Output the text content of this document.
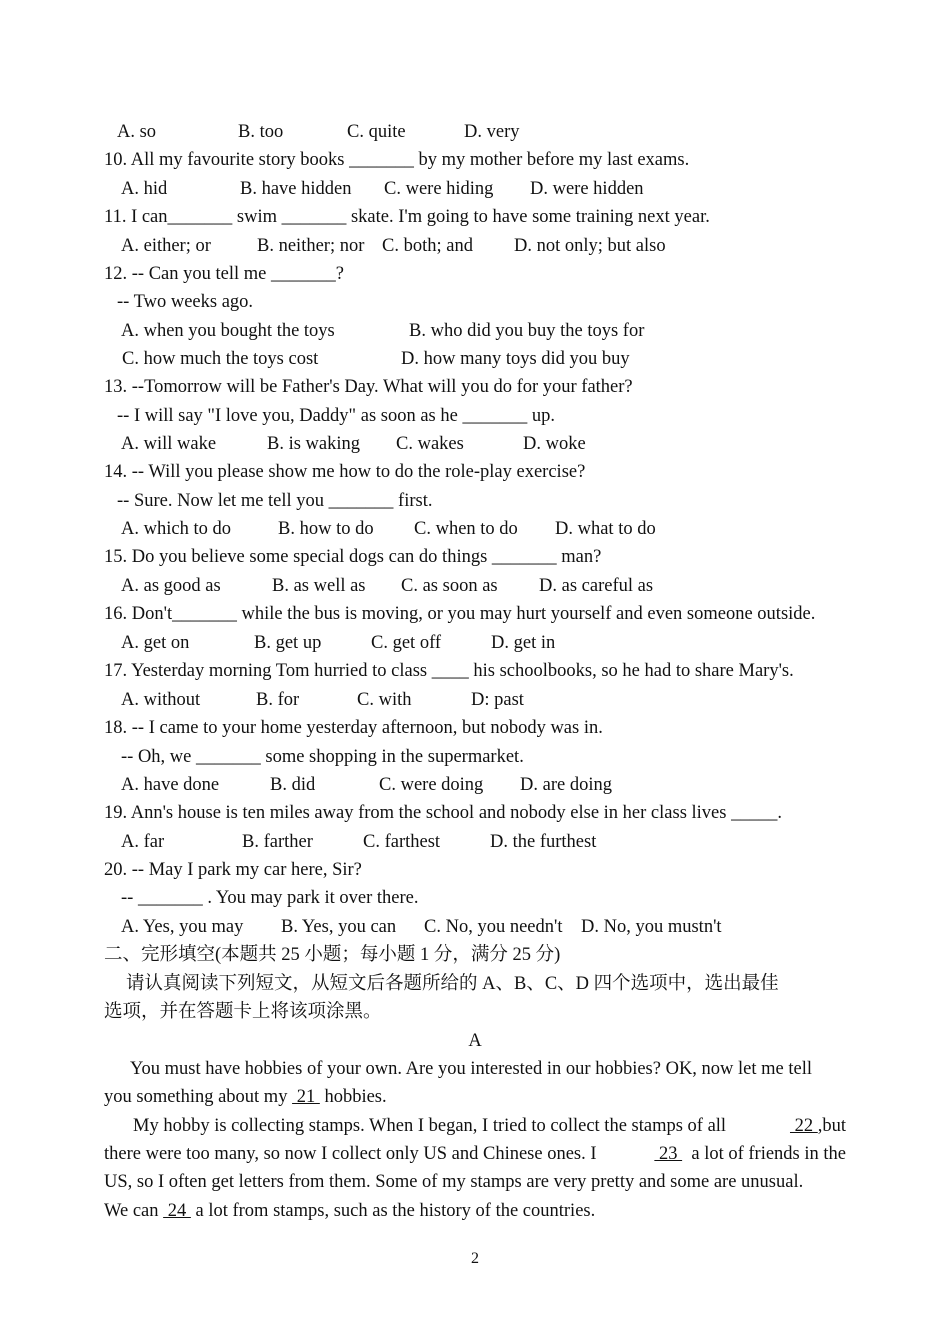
A. so	B. too	C. quite	D. very
10. All my favourite story books _______ by my mother before my last exams.
A. hid	B. have hidden C. were hiding D. were hidden
11. I can_______ swim _______ skate. I'm going to have some training next year.
A. either; or B. neither; nor C. both; and D. not only; but also
12. -- Can you tell me _______?
-- Two weeks ago.
A. when you bought the toys	B. who did you buy the toys for
C. how much the toys cost	D. how many toys did you buy
13. --Tomorrow will be Father's Day. What will you do for your father?
-- I will say "I love you, Daddy" as soon as he _______ up.
A. will wake	B. is waking C. wakes	D. woke
14. -- Will you please show me how to do the role-play exercise?
-- Sure. Now let me tell you _______ first.
A. which to do	B. how to do C. when to do D. what to do
15. Do you believe some special dogs can do things _______ man?
A. as good as	B. as well as C. as soon as D. as careful as
16. Don't_______ while the bus is moving, or you may hurt yourself and even someone outside.
A. get on	B. get up	C. get off	D. get in
17. Yesterday morning Tom hurried to class ____ his schoolbooks, so he had to share Mary's.
A. without	B. for	C. with	D: past
18. -- I came to your home yesterday afternoon, but nobody was in.
-- Oh, we _______ some shopping in the supermarket.
A. have done	B. did	C. were doing D. are doing
19. Ann's house is ten miles away from the school and nobody else in her class lives _____.
A. far	B. farther	C. farthest	D. the furthest
20. -- May I park my car here, Sir?
-- _______ . You may park it over there.
A. Yes, you may B. Yes, you can C. No, you needn't D. No, you mustn't
二、完形填空(本题共 25 小题；每小题 1 分，满分 25 分)
请认真阅读下列短文，从短文后各题所给的 A、B、C、D 四个选项中，选出最佳
选项，并在答题卡上将该项涂黑。
A
You must have hobbies of your own. Are you interested in our hobbies? OK, now let me tell
you something about my  21  hobbies.
My hobby is collecting stamps. When I began, I tried to collect the stamps of all	22 ,but
there were too many, so now I collect only US and Chinese ones. I	23   a lot of friends in the
US, so I often get letters from them. Some of my stamps are very pretty and some are unusual.
We can  24  a lot from stamps, such as the history of the countries.
2
